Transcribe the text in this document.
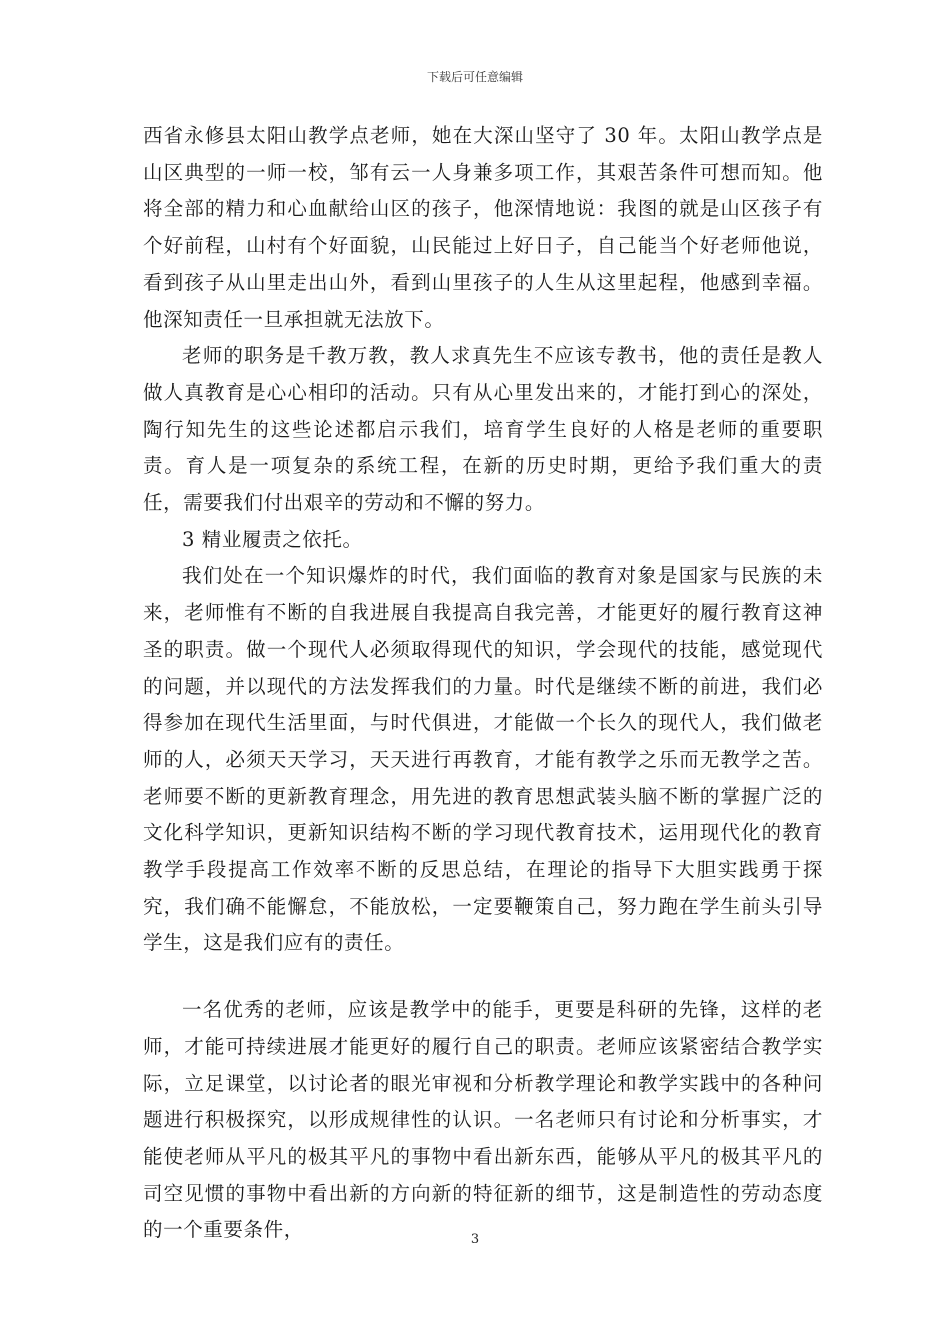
下载后可任意编辑

西省永修县太阳山教学点老师，她在大深山坚守了 30 年。太阳山教学点是山区典型的一师一校，邹有云一人身兼多项工作，其艰苦条件可想而知。他将全部的精力和心血献给山区的孩子，他深情地说：我图的就是山区孩子有个好前程，山村有个好面貌，山民能过上好日子，自己能当个好老师他说，看到孩子从山里走出山外，看到山里孩子的人生从这里起程，他感到幸福。他深知责任一旦承担就无法放下。

老师的职务是千教万教，教人求真先生不应该专教书，他的责任是教人做人真教育是心心相印的活动。只有从心里发出来的，才能打到心的深处，陶行知先生的这些论述都启示我们，培育学生良好的人格是老师的重要职责。育人是一项复杂的系统工程，在新的历史时期，更给予我们重大的责任，需要我们付出艰辛的劳动和不懈的努力。

3 精业履责之依托。

我们处在一个知识爆炸的时代，我们面临的教育对象是国家与民族的未来，老师惟有不断的自我进展自我提高自我完善，才能更好的履行教育这神圣的职责。做一个现代人必须取得现代的知识，学会现代的技能，感觉现代的问题，并以现代的方法发挥我们的力量。时代是继续不断的前进，我们必得参加在现代生活里面，与时代俱进，才能做一个长久的现代人，我们做老师的人，必须天天学习，天天进行再教育，才能有教学之乐而无教学之苦。老师要不断的更新教育理念，用先进的教育思想武装头脑不断的掌握广泛的文化科学知识，更新知识结构不断的学习现代教育技术，运用现代化的教育教学手段提高工作效率不断的反思总结，在理论的指导下大胆实践勇于探究，我们确不能懈怠，不能放松，一定要鞭策自己，努力跑在学生前头引导学生，这是我们应有的责任。

一名优秀的老师，应该是教学中的能手，更要是科研的先锋，这样的老师，才能可持续进展才能更好的履行自己的职责。老师应该紧密结合教学实际，立足课堂，以讨论者的眼光审视和分析教学理论和教学实践中的各种问题进行积极探究，以形成规律性的认识。一名老师只有讨论和分析事实，才能使老师从平凡的极其平凡的事物中看出新东西，能够从平凡的极其平凡的司空见惯的事物中看出新的方向新的特征新的细节，这是制造性的劳动态度的一个重要条件，	3
